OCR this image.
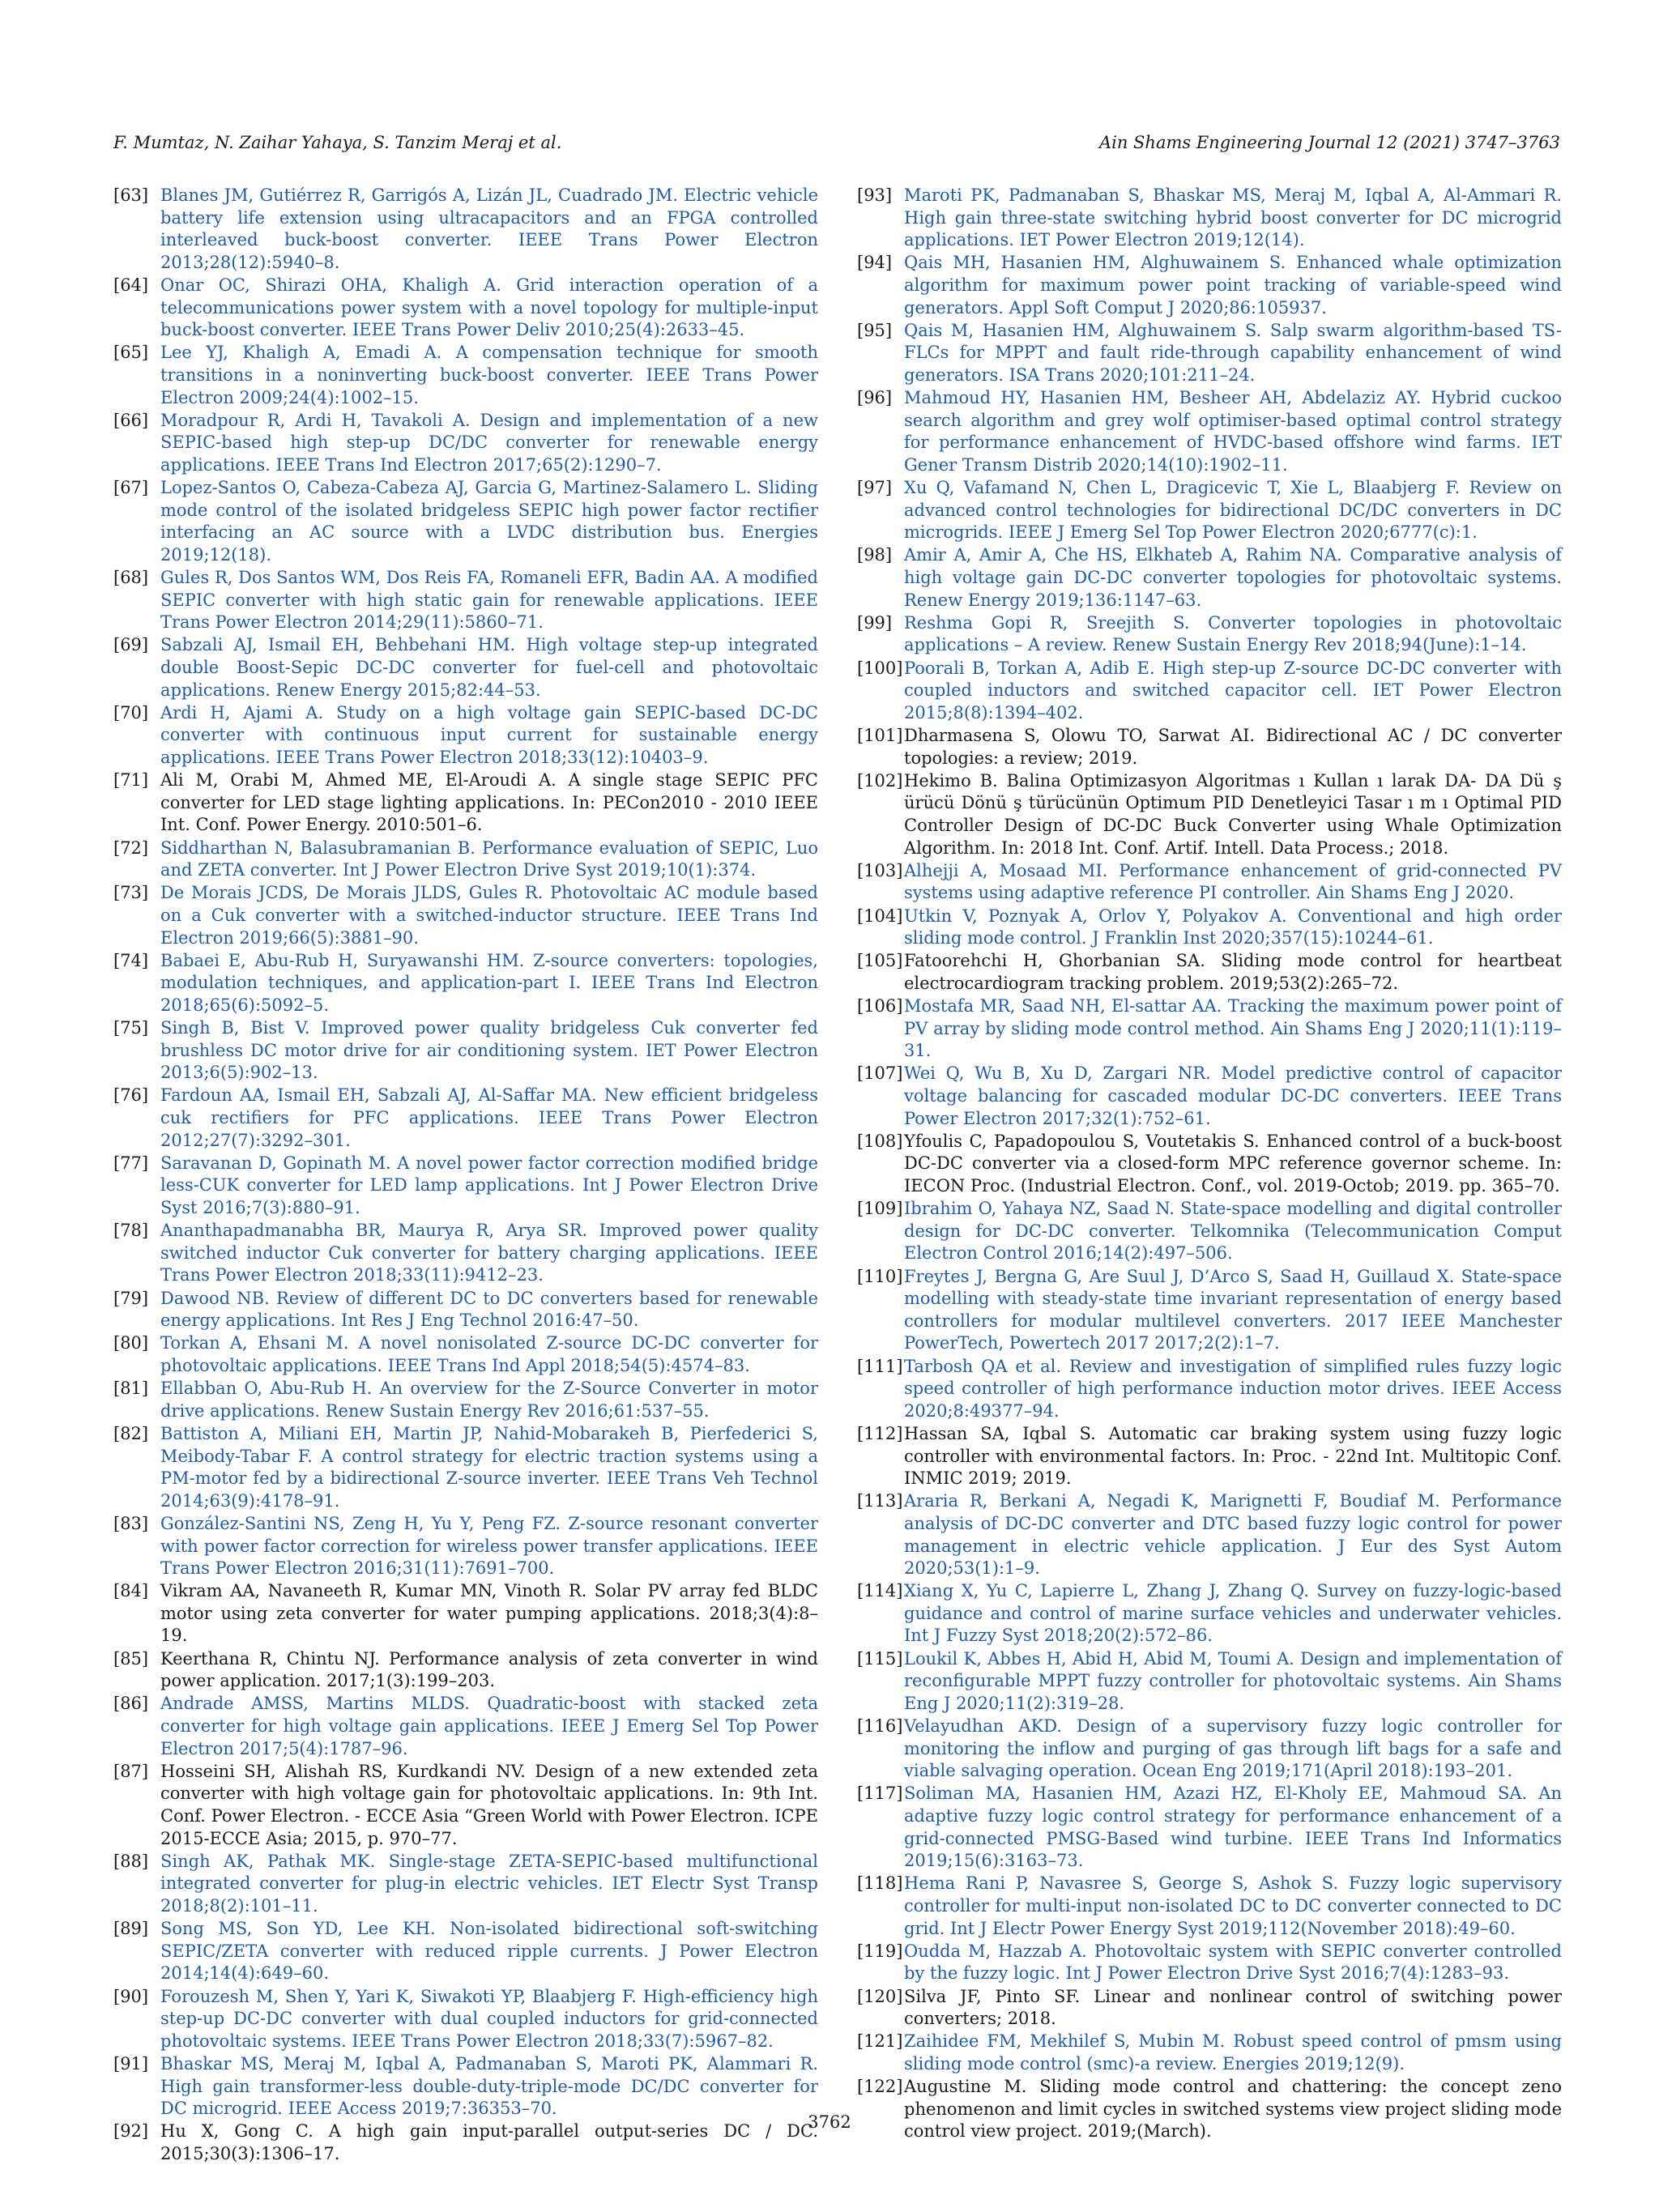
F. Mumtaz, N. Zaihar Yahaya, S. Tanzim Meraj et al.	Ain Shams Engineering Journal 12 (2021) 3747–3763
[63] Blanes JM, Gutiérrez R, Garrigós A, Lizán JL, Cuadrado JM. Electric vehicle battery life extension using ultracapacitors and an FPGA controlled interleaved buck-boost converter. IEEE Trans Power Electron 2013;28(12):5940–8.
[64] Onar OC, Shirazi OHA, Khaligh A. Grid interaction operation of a telecommunications power system with a novel topology for multiple-input buck-boost converter. IEEE Trans Power Deliv 2010;25(4):2633–45.
[65] Lee YJ, Khaligh A, Emadi A. A compensation technique for smooth transitions in a noninverting buck-boost converter. IEEE Trans Power Electron 2009;24(4):1002–15.
[66] Moradpour R, Ardi H, Tavakoli A. Design and implementation of a new SEPIC-based high step-up DC/DC converter for renewable energy applications. IEEE Trans Ind Electron 2017;65(2):1290–7.
[67] Lopez-Santos O, Cabeza-Cabeza AJ, Garcia G, Martinez-Salamero L. Sliding mode control of the isolated bridgeless SEPIC high power factor rectifier interfacing an AC source with a LVDC distribution bus. Energies 2019;12(18).
[68] Gules R, Dos Santos WM, Dos Reis FA, Romaneli EFR, Badin AA. A modified SEPIC converter with high static gain for renewable applications. IEEE Trans Power Electron 2014;29(11):5860–71.
[69] Sabzali AJ, Ismail EH, Behbehani HM. High voltage step-up integrated double Boost-Sepic DC-DC converter for fuel-cell and photovoltaic applications. Renew Energy 2015;82:44–53.
[70] Ardi H, Ajami A. Study on a high voltage gain SEPIC-based DC-DC converter with continuous input current for sustainable energy applications. IEEE Trans Power Electron 2018;33(12):10403–9.
[71] Ali M, Orabi M, Ahmed ME, El-Aroudi A. A single stage SEPIC PFC converter for LED stage lighting applications. In: PECon2010 - 2010 IEEE Int. Conf. Power Energy. 2010:501–6.
[72] Siddharthan N, Balasubramanian B. Performance evaluation of SEPIC, Luo and ZETA converter. Int J Power Electron Drive Syst 2019;10(1):374.
[73] De Morais JCDS, De Morais JLDS, Gules R. Photovoltaic AC module based on a Cuk converter with a switched-inductor structure. IEEE Trans Ind Electron 2019;66(5):3881–90.
[74] Babaei E, Abu-Rub H, Suryawanshi HM. Z-source converters: topologies, modulation techniques, and application-part I. IEEE Trans Ind Electron 2018;65(6):5092–5.
[75] Singh B, Bist V. Improved power quality bridgeless Cuk converter fed brushless DC motor drive for air conditioning system. IET Power Electron 2013;6(5):902–13.
[76] Fardoun AA, Ismail EH, Sabzali AJ, Al-Saffar MA. New efficient bridgeless cuk rectifiers for PFC applications. IEEE Trans Power Electron 2012;27(7):3292–301.
[77] Saravanan D, Gopinath M. A novel power factor correction modified bridge less-CUK converter for LED lamp applications. Int J Power Electron Drive Syst 2016;7(3):880–91.
[78] Ananthapadmanabha BR, Maurya R, Arya SR. Improved power quality switched inductor Cuk converter for battery charging applications. IEEE Trans Power Electron 2018;33(11):9412–23.
[79] Dawood NB. Review of different DC to DC converters based for renewable energy applications. Int Res J Eng Technol 2016:47–50.
[80] Torkan A, Ehsani M. A novel nonisolated Z-source DC-DC converter for photovoltaic applications. IEEE Trans Ind Appl 2018;54(5):4574–83.
[81] Ellabban O, Abu-Rub H. An overview for the Z-Source Converter in motor drive applications. Renew Sustain Energy Rev 2016;61:537–55.
[82] Battiston A, Miliani EH, Martin JP, Nahid-Mobarakeh B, Pierfederici S, Meibody-Tabar F. A control strategy for electric traction systems using a PM-motor fed by a bidirectional Z-source inverter. IEEE Trans Veh Technol 2014;63(9):4178–91.
[83] González-Santini NS, Zeng H, Yu Y, Peng FZ. Z-source resonant converter with power factor correction for wireless power transfer applications. IEEE Trans Power Electron 2016;31(11):7691–700.
[84] Vikram AA, Navaneeth R, Kumar MN, Vinoth R. Solar PV array fed BLDC motor using zeta converter for water pumping applications. 2018;3(4):8–19.
[85] Keerthana R, Chintu NJ. Performance analysis of zeta converter in wind power application. 2017;1(3):199–203.
[86] Andrade AMSS, Martins MLDS. Quadratic-boost with stacked zeta converter for high voltage gain applications. IEEE J Emerg Sel Top Power Electron 2017;5(4):1787–96.
[87] Hosseini SH, Alishah RS, Kurdkandi NV. Design of a new extended zeta converter with high voltage gain for photovoltaic applications. In: 9th Int. Conf. Power Electron. - ECCE Asia “Green World with Power Electron. ICPE 2015-ECCE Asia; 2015, p. 970–77.
[88] Singh AK, Pathak MK. Single-stage ZETA-SEPIC-based multifunctional integrated converter for plug-in electric vehicles. IET Electr Syst Transp 2018;8(2):101–11.
[89] Song MS, Son YD, Lee KH. Non-isolated bidirectional soft-switching SEPIC/ZETA converter with reduced ripple currents. J Power Electron 2014;14(4):649–60.
[90] Forouzesh M, Shen Y, Yari K, Siwakoti YP, Blaabjerg F. High-efficiency high step-up DC-DC converter with dual coupled inductors for grid-connected photovoltaic systems. IEEE Trans Power Electron 2018;33(7):5967–82.
[91] Bhaskar MS, Meraj M, Iqbal A, Padmanaban S, Maroti PK, Alammari R. High gain transformer-less double-duty-triple-mode DC/DC converter for DC microgrid. IEEE Access 2019;7:36353–70.
[92] Hu X, Gong C. A high gain input-parallel output-series DC / DC. 2015;30(3):1306–17.
[93] Maroti PK, Padmanaban S, Bhaskar MS, Meraj M, Iqbal A, Al-Ammari R. High gain three-state switching hybrid boost converter for DC microgrid applications. IET Power Electron 2019;12(14).
[94] Qais MH, Hasanien HM, Alghuwainem S. Enhanced whale optimization algorithm for maximum power point tracking of variable-speed wind generators. Appl Soft Comput J 2020;86:105937.
[95] Qais M, Hasanien HM, Alghuwainem S. Salp swarm algorithm-based TS-FLCs for MPPT and fault ride-through capability enhancement of wind generators. ISA Trans 2020;101:211–24.
[96] Mahmoud HY, Hasanien HM, Besheer AH, Abdelaziz AY. Hybrid cuckoo search algorithm and grey wolf optimiser-based optimal control strategy for performance enhancement of HVDC-based offshore wind farms. IET Gener Transm Distrib 2020;14(10):1902–11.
[97] Xu Q, Vafamand N, Chen L, Dragicevic T, Xie L, Blaabjerg F. Review on advanced control technologies for bidirectional DC/DC converters in DC microgrids. IEEE J Emerg Sel Top Power Electron 2020;6777(c):1.
[98] Amir A, Amir A, Che HS, Elkhateb A, Rahim NA. Comparative analysis of high voltage gain DC-DC converter topologies for photovoltaic systems. Renew Energy 2019;136:1147–63.
[99] Reshma Gopi R, Sreejith S. Converter topologies in photovoltaic applications – A review. Renew Sustain Energy Rev 2018;94(June):1–14.
[100] Poorali B, Torkan A, Adib E. High step-up Z-source DC-DC converter with coupled inductors and switched capacitor cell. IET Power Electron 2015;8(8):1394–402.
[101] Dharmasena S, Olowu TO, Sarwat AI. Bidirectional AC / DC converter topologies: a review; 2019.
[102] Hekimo B. Balina Optimizasyon Algoritmas ı Kullan ı larak DA- DA Dü ş ürücü Dönü ş türücünün Optimum PID Denetleyici Tasar ı m ı Optimal PID Controller Design of DC-DC Buck Converter using Whale Optimization Algorithm. In: 2018 Int. Conf. Artif. Intell. Data Process.; 2018.
[103] Alhejji A, Mosaad MI. Performance enhancement of grid-connected PV systems using adaptive reference PI controller. Ain Shams Eng J 2020.
[104] Utkin V, Poznyak A, Orlov Y, Polyakov A. Conventional and high order sliding mode control. J Franklin Inst 2020;357(15):10244–61.
[105] Fatoorehchi H, Ghorbanian SA. Sliding mode control for heartbeat electrocardiogram tracking problem. 2019;53(2):265–72.
[106] Mostafa MR, Saad NH, El-sattar AA. Tracking the maximum power point of PV array by sliding mode control method. Ain Shams Eng J 2020;11(1):119–31.
[107] Wei Q, Wu B, Xu D, Zargari NR. Model predictive control of capacitor voltage balancing for cascaded modular DC-DC converters. IEEE Trans Power Electron 2017;32(1):752–61.
[108] Yfoulis C, Papadopoulou S, Voutetakis S. Enhanced control of a buck-boost DC-DC converter via a closed-form MPC reference governor scheme. In: IECON Proc. (Industrial Electron. Conf., vol. 2019-Octob; 2019. pp. 365–70.
[109] Ibrahim O, Yahaya NZ, Saad N. State-space modelling and digital controller design for DC-DC converter. Telkomnika (Telecommunication Comput Electron Control 2016;14(2):497–506.
[110] Freytes J, Bergna G, Are Suul J, D’Arco S, Saad H, Guillaud X. State-space modelling with steady-state time invariant representation of energy based controllers for modular multilevel converters. 2017 IEEE Manchester PowerTech, Powertech 2017 2017;2(2):1–7.
[111] Tarbosh QA et al. Review and investigation of simplified rules fuzzy logic speed controller of high performance induction motor drives. IEEE Access 2020;8:49377–94.
[112] Hassan SA, Iqbal S. Automatic car braking system using fuzzy logic controller with environmental factors. In: Proc. - 22nd Int. Multitopic Conf. INMIC 2019; 2019.
[113] Araria R, Berkani A, Negadi K, Marignetti F, Boudiaf M. Performance analysis of DC-DC converter and DTC based fuzzy logic control for power management in electric vehicle application. J Eur des Syst Autom 2020;53(1):1–9.
[114] Xiang X, Yu C, Lapierre L, Zhang J, Zhang Q. Survey on fuzzy-logic-based guidance and control of marine surface vehicles and underwater vehicles. Int J Fuzzy Syst 2018;20(2):572–86.
[115] Loukil K, Abbes H, Abid H, Abid M, Toumi A. Design and implementation of reconfigurable MPPT fuzzy controller for photovoltaic systems. Ain Shams Eng J 2020;11(2):319–28.
[116] Velayudhan AKD. Design of a supervisory fuzzy logic controller for monitoring the inflow and purging of gas through lift bags for a safe and viable salvaging operation. Ocean Eng 2019;171(April 2018):193–201.
[117] Soliman MA, Hasanien HM, Azazi HZ, El-Kholy EE, Mahmoud SA. An adaptive fuzzy logic control strategy for performance enhancement of a grid-connected PMSG-Based wind turbine. IEEE Trans Ind Informatics 2019;15(6):3163–73.
[118] Hema Rani P, Navasree S, George S, Ashok S. Fuzzy logic supervisory controller for multi-input non-isolated DC to DC converter connected to DC grid. Int J Electr Power Energy Syst 2019;112(November 2018):49–60.
[119] Oudda M, Hazzab A. Photovoltaic system with SEPIC converter controlled by the fuzzy logic. Int J Power Electron Drive Syst 2016;7(4):1283–93.
[120] Silva JF, Pinto SF. Linear and nonlinear control of switching power converters; 2018.
[121] Zaihidee FM, Mekhilef S, Mubin M. Robust speed control of pmsm using sliding mode control (smc)-a review. Energies 2019;12(9).
[122] Augustine M. Sliding mode control and chattering: the concept zeno phenomenon and limit cycles in switched systems view project sliding mode control view project. 2019;(March).
3762
